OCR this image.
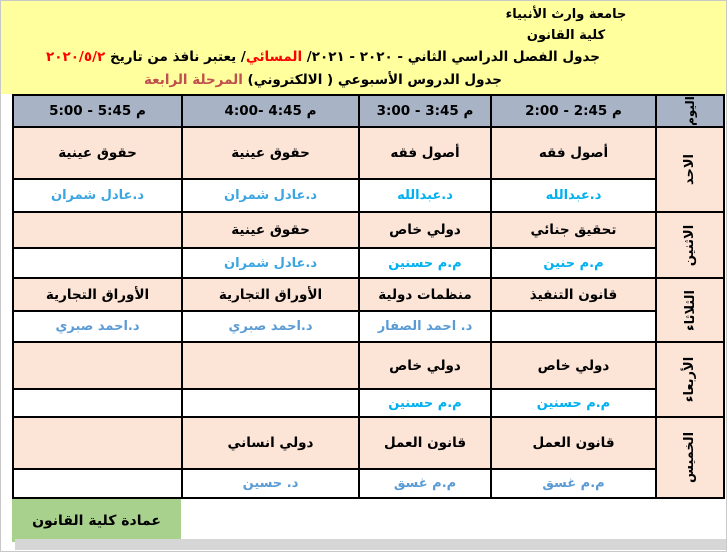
جامعة وارث الأنبياء
كلية القانون
جدول الفصل الدراسي الثاني - ٢٠٢٠ - ٢٠٢١/ المسائي/ يعتبر نافذ من تاريخ ٢٠٢٠/٥/٢
جدول الدروس الأسبوعي ( الالكتروني) المرحلة الرابعة
اليوم	2:00 - 2:45 م	3:00 - 3:45 م	4:00- 4:45 م	5:00 - 5:45 م
الاحد	أصول فقه	أصول فقه	حقوق عينية	حقوق عينية
	د.عبدالله	د.عبدالله	د.عادل شمران	د.عادل شمران
الاثنين	تحقيق جنائي	دولي خاص	حقوق عينية	
	م.م حنين	م.م حسنين	د.عادل شمران	
الثلاثاء	قانون التنفيذ	منظمات دولية	الأوراق التجارية	الأوراق التجارية
		د. احمد الصفار	د.احمد صبري	د.احمد صبري
الأربعاء	دولي خاص	دولي خاص		
	م.م حسنين	م.م حسنين		
الخميس	قانون العمل	قانون العمل	دولي انساني	
	م.م غسق	م.م غسق	د. حسين	
عمادة كلية القانون
